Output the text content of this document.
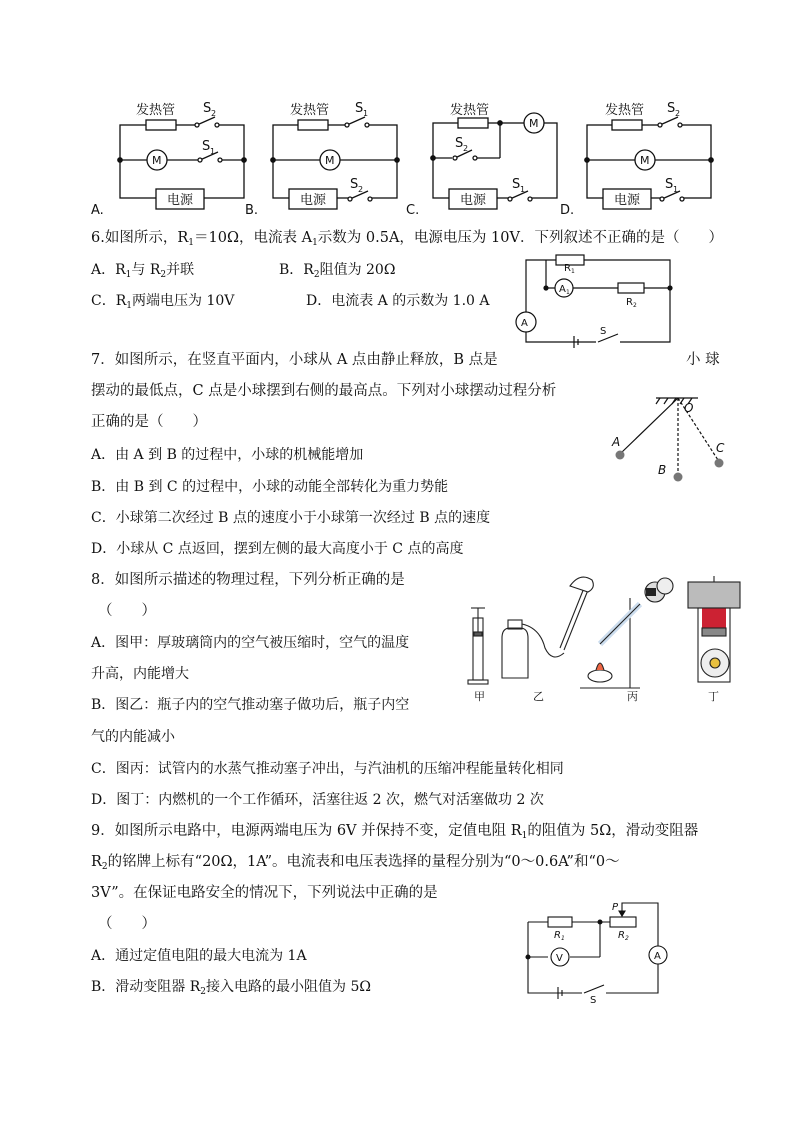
发热管 S 2
S 1
M
电源
A.
发热管 S 1
M
电源
S 2
B.
发热管
M
S 2
电源
S 1
C.
发热管 S 2
M
电源
S 1
D.
6.如图所示，$R_1=10\Omega$，电流表 $A_1$示数为 0.5A，电源电压为 10V．下列叙述不正确的是（　　）
A．$R_1$与 $R_2$并联	B．$R_2$阻值为 20Ω
C．$R_1$两端电压为 10V	D．电流表 A 的示数为 1.0 A
R 1
A 1
R 2
A
S
7．如图所示，在竖直平面内，小球从 A 点由静止释放，B 点是	小 球
摆动的最低点，C 点是小球摆到右侧的最高点。下列对小球摆动过程分析
正确的是（　　）
A．由 A 到 B 的过程中，小球的机械能增加
B．由 B 到 C 的过程中，小球的动能全部转化为重力势能
C．小球第二次经过 B 点的速度小于小球第一次经过 B 点的速度
D．小球从 C 点返回，摆到左侧的最大高度小于 C 点的高度
O
A
B
C
8．如图所示描述的物理过程，下列分析正确的是
（　　）
A．图甲：厚玻璃筒内的空气被压缩时，空气的温度
升高，内能增大
B．图乙：瓶子内的空气推动塞子做功后，瓶子内空
气的内能减小
C．图丙：试管内的水蒸气推动塞子冲出，与汽油机的压缩冲程能量转化相同
D．图丁：内燃机的一个工作循环，活塞往返 2 次，燃气对活塞做功 2 次
甲	乙	丙	丁
9．如图所示电路中，电源两端电压为 6V 并保持不变，定值电阻 $R_1$的阻值为 5Ω，滑动变阻器
$R_2$的铭牌上标有“20Ω，1A”。电流表和电压表选择的量程分别为“0～0.6A”和“0～
3V”。在保证电路安全的情况下，下列说法中正确的是
（　　）
A．通过定值电阻的最大电流为 1A
B．滑动变阻器 $R_2$接入电路的最小阻值为 5Ω
P
R 1	R 2
V	A
S
